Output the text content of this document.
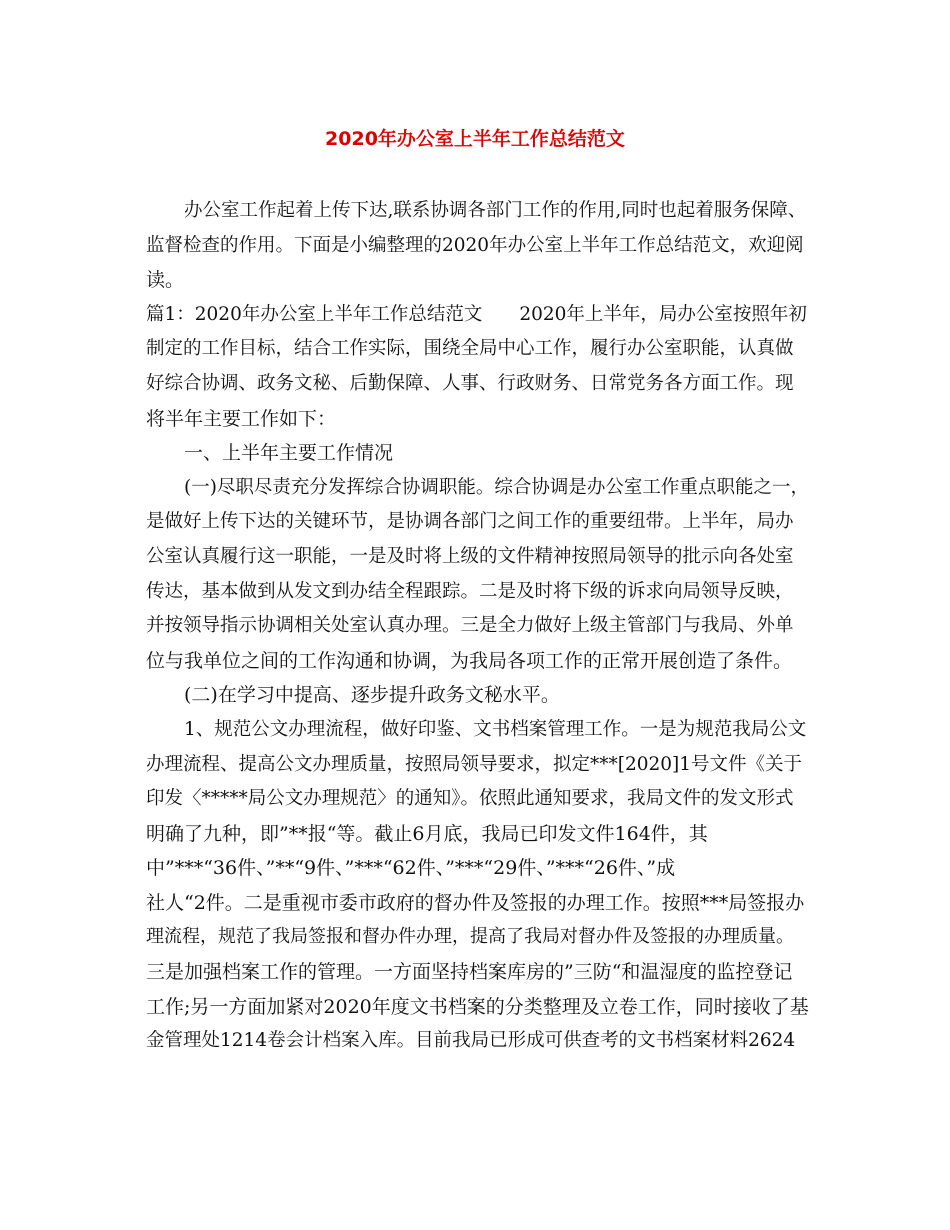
2020年办公室上半年工作总结范文
办公室工作起着上传下达,联系协调各部门工作的作用,同时也起着服务保障、
监督检查的作用。下面是小编整理的2020年办公室上半年工作总结范文，欢迎阅
读。
篇1：2020年办公室上半年工作总结范文　　2020年上半年，局办公室按照年初
制定的工作目标，结合工作实际，围绕全局中心工作，履行办公室职能，认真做
好综合协调、政务文秘、后勤保障、人事、行政财务、日常党务各方面工作。现
将半年主要工作如下：
一、上半年主要工作情况
(一)尽职尽责充分发挥综合协调职能。综合协调是办公室工作重点职能之一，
是做好上传下达的关键环节，是协调各部门之间工作的重要纽带。上半年，局办
公室认真履行这一职能，一是及时将上级的文件精神按照局领导的批示向各处室
传达，基本做到从发文到办结全程跟踪。二是及时将下级的诉求向局领导反映，
并按领导指示协调相关处室认真办理。三是全力做好上级主管部门与我局、外单
位与我单位之间的工作沟通和协调，为我局各项工作的正常开展创造了条件。
(二)在学习中提高、逐步提升政务文秘水平。
1、规范公文办理流程，做好印鉴、文书档案管理工作。一是为规范我局公文
办理流程、提高公文办理质量，按照局领导要求，拟定***[2020]1号文件《关于
印发〈*****局公文办理规范〉的通知》。依照此通知要求，我局文件的发文形式
明确了九种，即”**报“等。截止6月底，我局已印发文件164件，其
中”***“36件、”**“9件、”***“62件、”***“29件、”***“26件、”成
社人“2件。二是重视市委市政府的督办件及签报的办理工作。按照***局签报办
理流程，规范了我局签报和督办件办理，提高了我局对督办件及签报的办理质量。
三是加强档案工作的管理。一方面坚持档案库房的”三防“和温湿度的监控登记
工作;另一方面加紧对2020年度文书档案的分类整理及立卷工作，同时接收了基
金管理处1214卷会计档案入库。目前我局已形成可供查考的文书档案材料2624
